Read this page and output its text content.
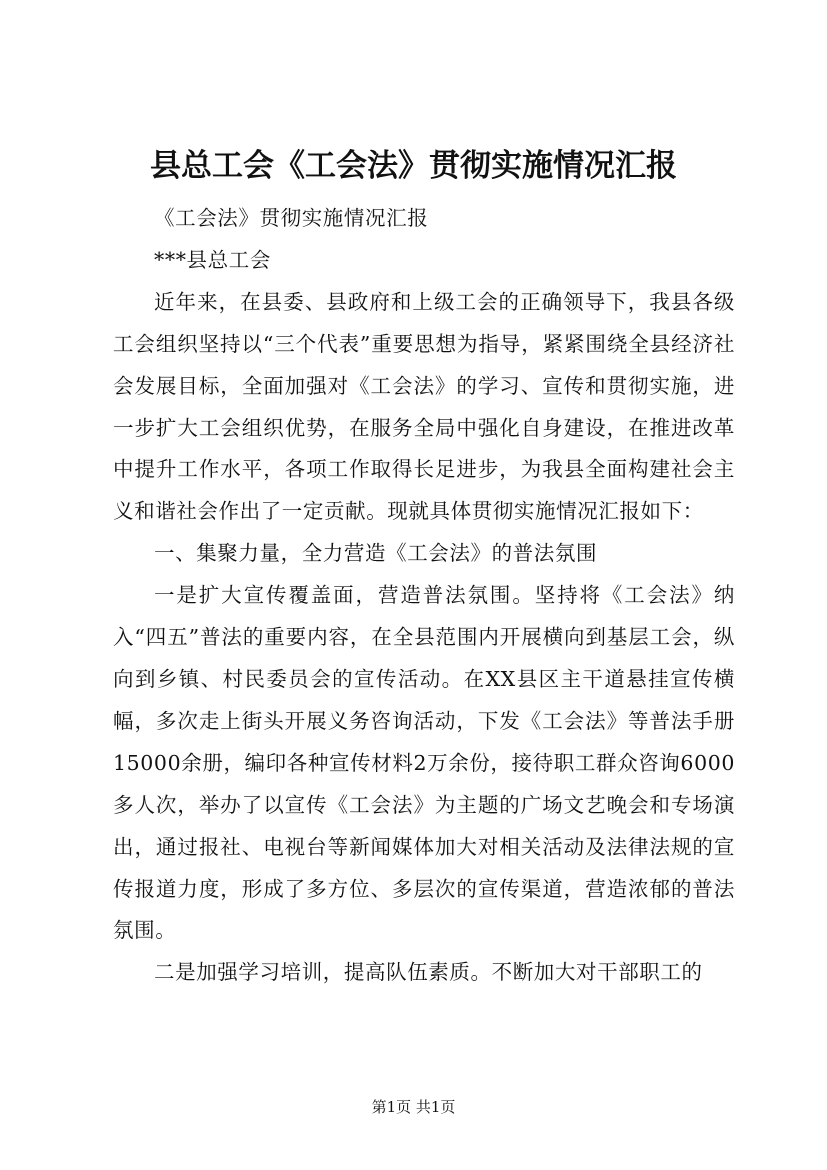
县总工会《工会法》贯彻实施情况汇报

《工会法》贯彻实施情况汇报

***县总工会

近年来，在县委、县政府和上级工会的正确领导下，我县各级工会组织坚持以“三个代表”重要思想为指导，紧紧围绕全县经济社会发展目标，全面加强对《工会法》的学习、宣传和贯彻实施，进一步扩大工会组织优势，在服务全局中强化自身建设，在推进改革中提升工作水平，各项工作取得长足进步，为我县全面构建社会主义和谐社会作出了一定贡献。现就具体贯彻实施情况汇报如下：

一、集聚力量，全力营造《工会法》的普法氛围

一是扩大宣传覆盖面，营造普法氛围。坚持将《工会法》纳入“四五”普法的重要内容，在全县范围内开展横向到基层工会，纵向到乡镇、村民委员会的宣传活动。在XX县区主干道悬挂宣传横幅，多次走上街头开展义务咨询活动，下发《工会法》等普法手册15000余册，编印各种宣传材料2万余份，接待职工群众咨询6000多人次，举办了以宣传《工会法》为主题的广场文艺晚会和专场演出，通过报社、电视台等新闻媒体加大对相关活动及法律法规的宣传报道力度，形成了多方位、多层次的宣传渠道，营造浓郁的普法氛围。

二是加强学习培训，提高队伍素质。不断加大对干部职工的

第1页 共1页
